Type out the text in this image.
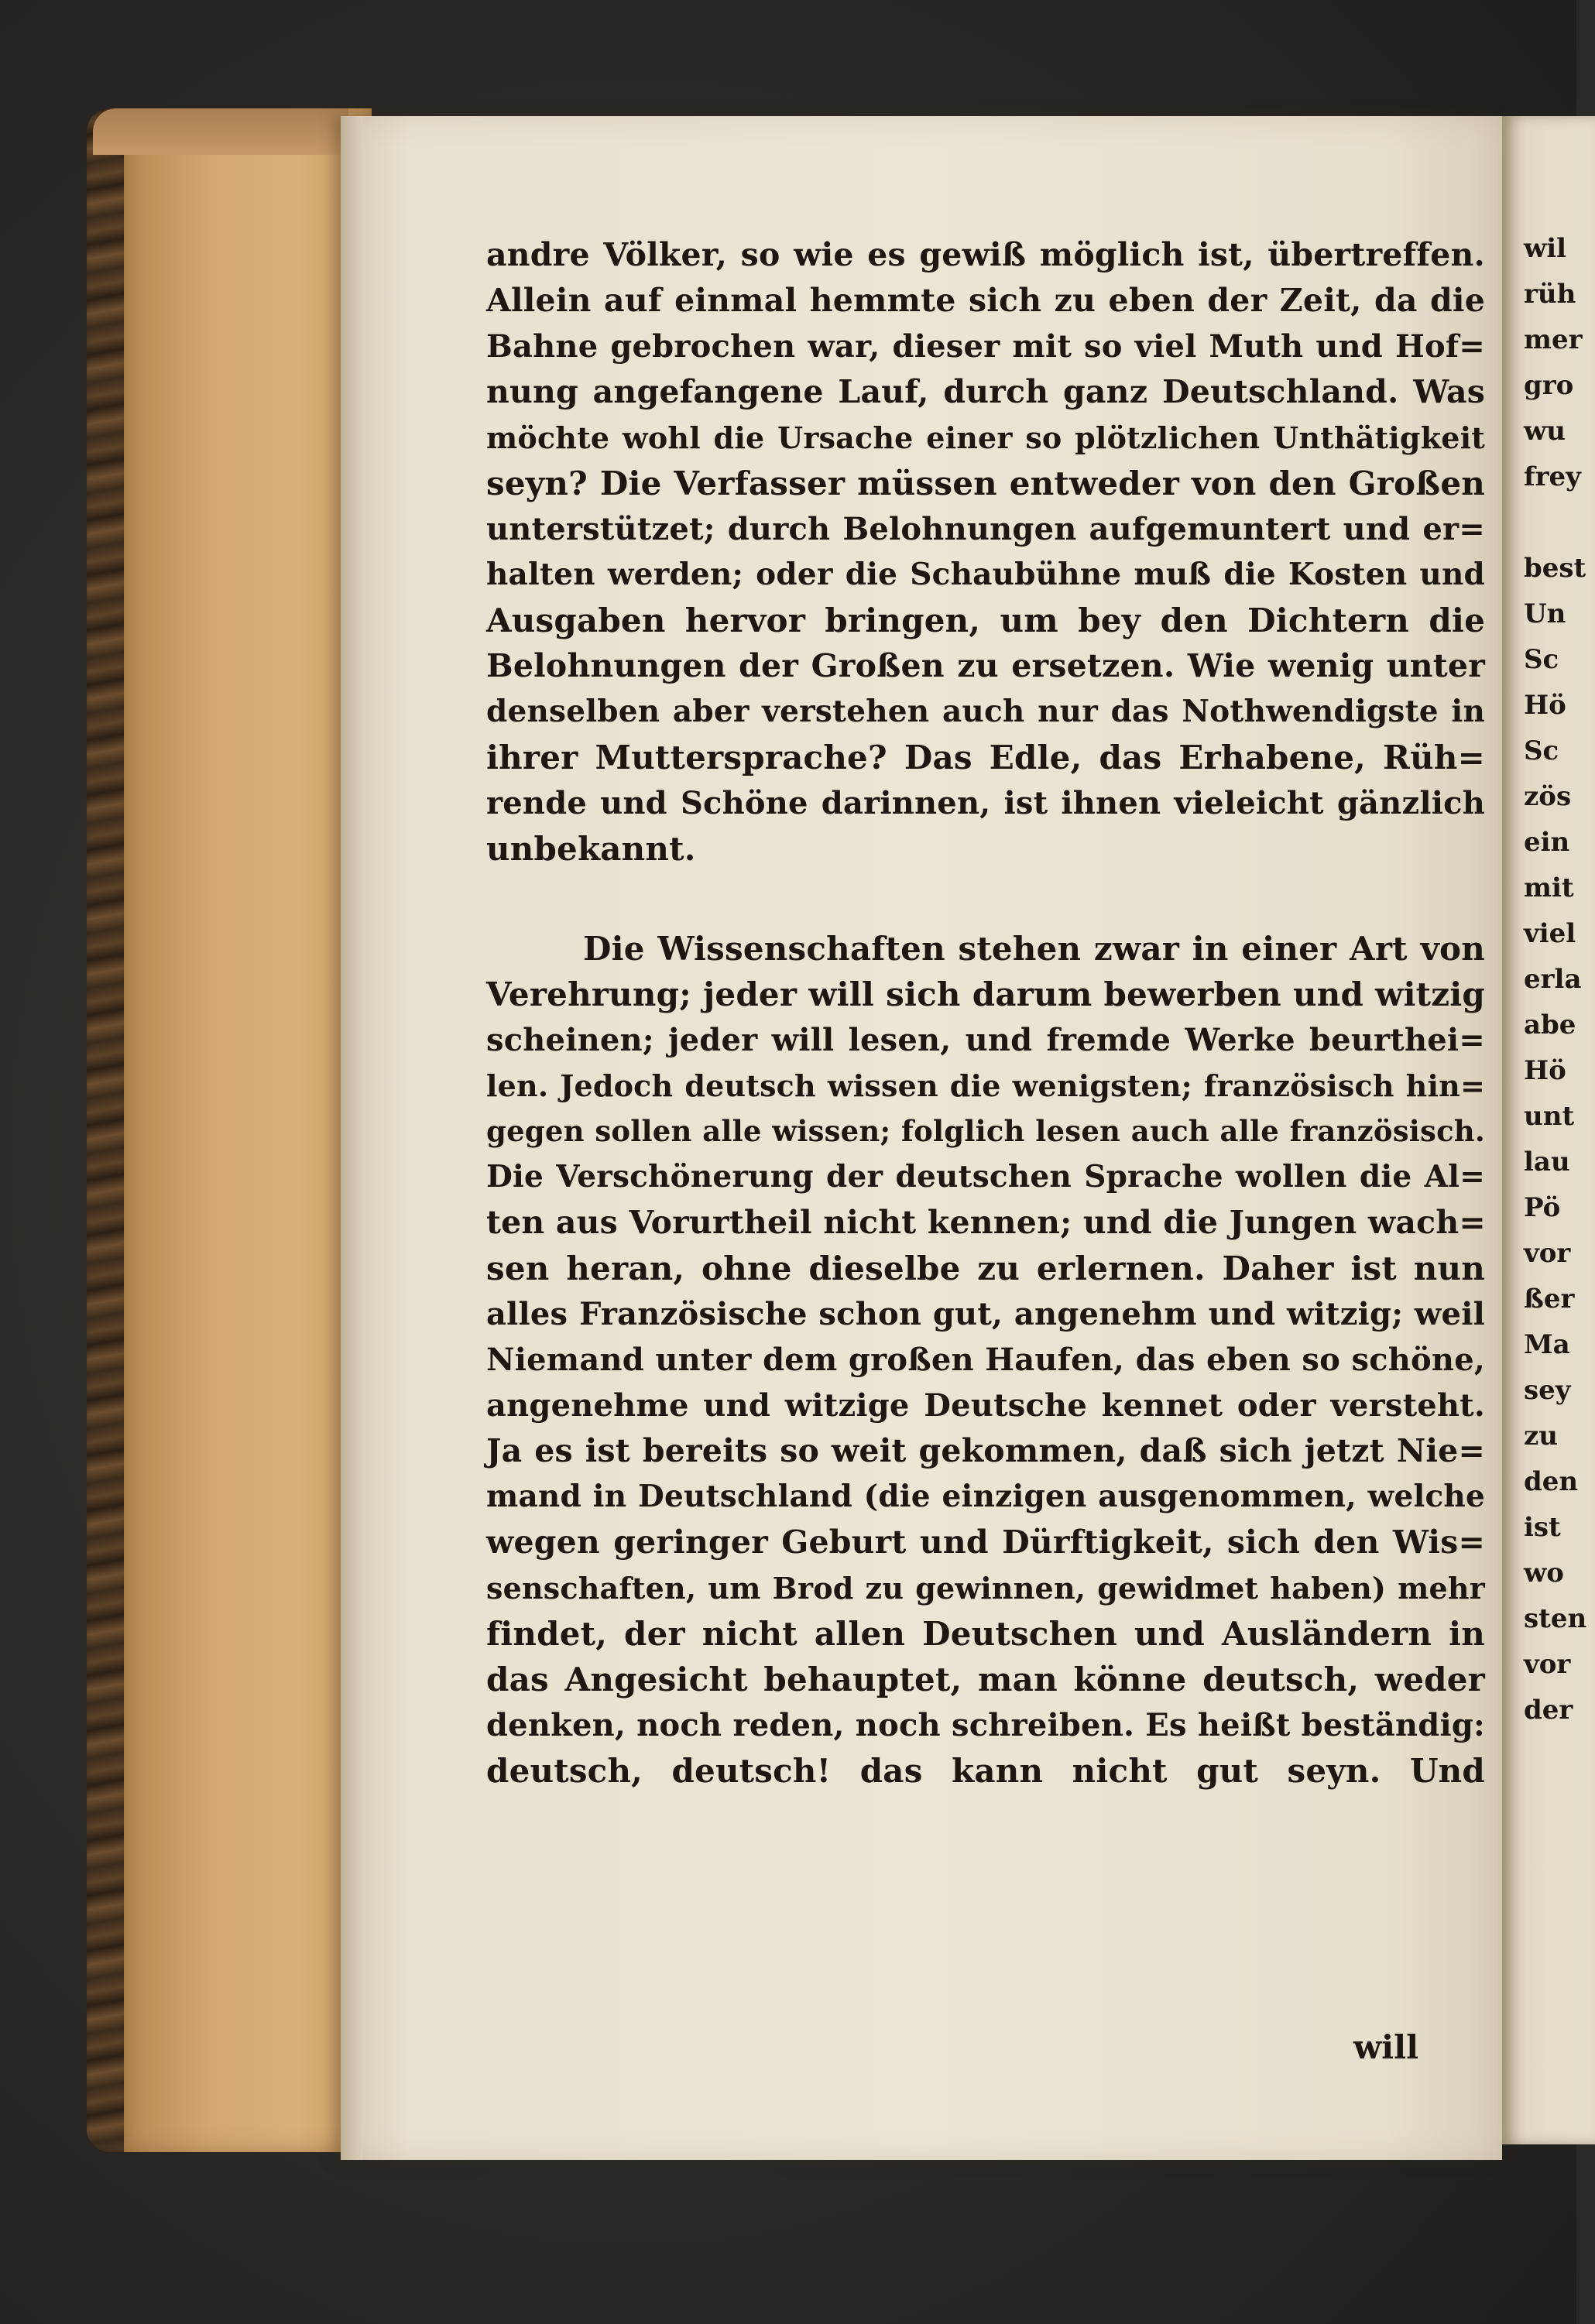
wil
rüh
mer
gro
wu
frey
best
Un
Sc
Hö
Sc
zös
ein
mit
viel
erla
abe
Hö
unt
lau
Pö
vor
ßer
Ma
sey
zu
den
ist
wo
sten
vor
der
andre Völker, so wie es gewiß möglich ist, übertreffen.
Allein auf einmal hemmte sich zu eben der Zeit, da die
Bahne gebrochen war, dieser mit so viel Muth und Hof=
nung angefangene Lauf, durch ganz Deutschland. Was
möchte wohl die Ursache einer so plötzlichen Unthätigkeit
seyn? Die Verfasser müssen entweder von den Großen
unterstützet; durch Belohnungen aufgemuntert und er=
halten werden; oder die Schaubühne muß die Kosten und
Ausgaben hervor bringen, um bey den Dichtern die
Belohnungen der Großen zu ersetzen. Wie wenig unter
denselben aber verstehen auch nur das Nothwendigste in
ihrer Muttersprache? Das Edle, das Erhabene, Rüh=
rende und Schöne darinnen, ist ihnen vieleicht gänzlich
unbekannt.
Die Wissenschaften stehen zwar in einer Art von
Verehrung; jeder will sich darum bewerben und witzig
scheinen; jeder will lesen, und fremde Werke beurthei=
len. Jedoch deutsch wissen die wenigsten; französisch hin=
gegen sollen alle wissen; folglich lesen auch alle französisch.
Die Verschönerung der deutschen Sprache wollen die Al=
ten aus Vorurtheil nicht kennen; und die Jungen wach=
sen heran, ohne dieselbe zu erlernen. Daher ist nun
alles Französische schon gut, angenehm und witzig; weil
Niemand unter dem großen Haufen, das eben so schöne,
angenehme und witzige Deutsche kennet oder versteht.
Ja es ist bereits so weit gekommen, daß sich jetzt Nie=
mand in Deutschland (die einzigen ausgenommen, welche
wegen geringer Geburt und Dürftigkeit, sich den Wis=
senschaften, um Brod zu gewinnen, gewidmet haben) mehr
findet, der nicht allen Deutschen und Ausländern in
das Angesicht behauptet, man könne deutsch, weder
denken, noch reden, noch schreiben. Es heißt beständig:
deutsch, deutsch! das kann nicht gut seyn. Und
will
